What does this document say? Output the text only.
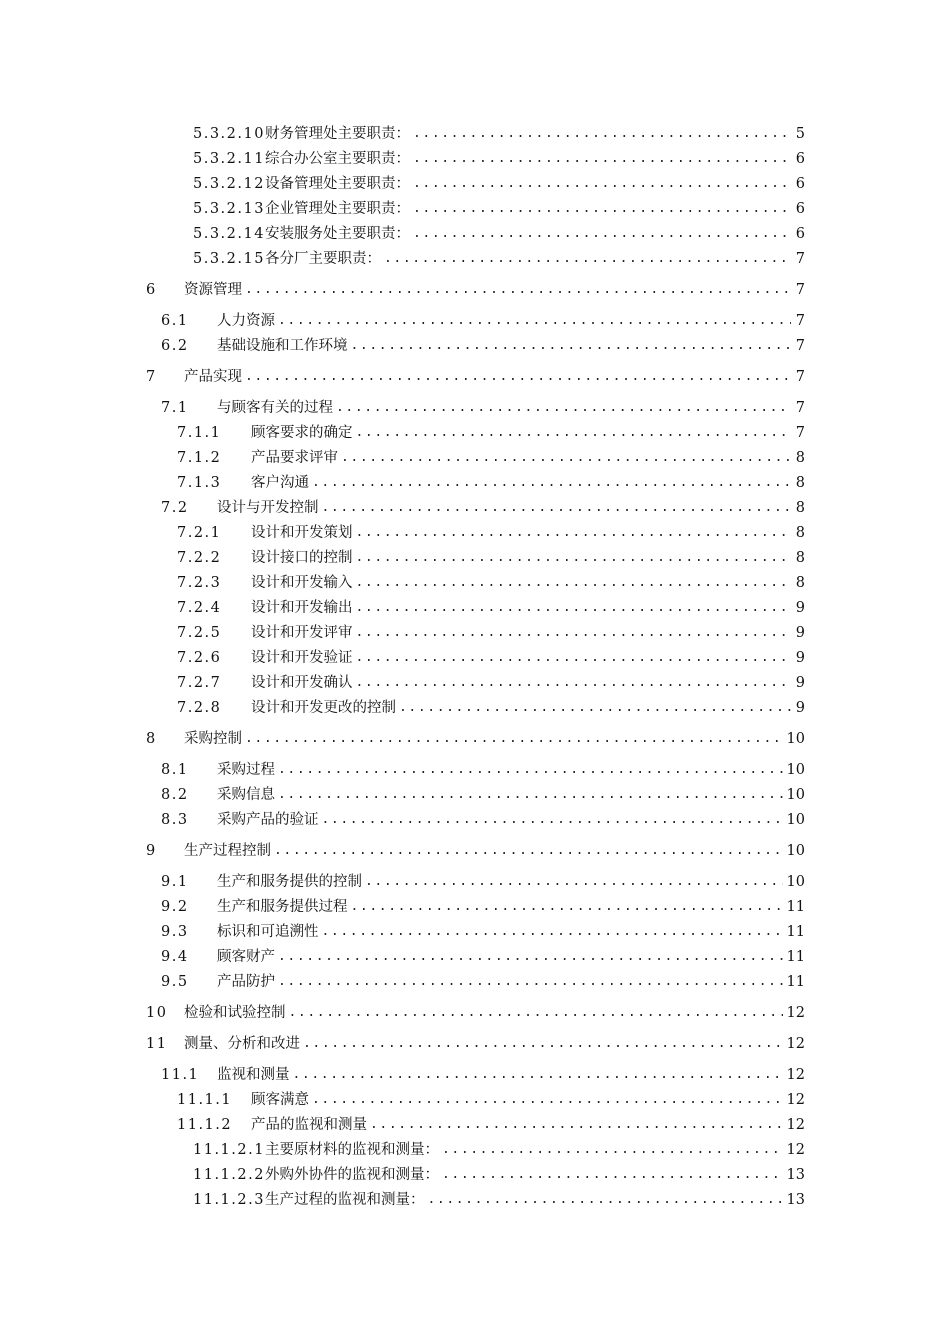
5.3.2.10 财务管理处主要职责： .....	5
5.3.2.11 综合办公室主要职责： .....	6
5.3.2.12 设备管理处主要职责： .....	6
5.3.2.13 企业管理处主要职责： .....	6
5.3.2.14 安装服务处主要职责： .....	6
5.3.2.15 各分厂主要职责： .....	7
6	资源管理 .....	7
6.1	人力资源 .....	7
6.2	基础设施和工作环境 .....	7
7	产品实现 .....	7
7.1	与顾客有关的过程 .....	7
7.1.1	顾客要求的确定 .....	7
7.1.2	产品要求评审 .....	8
7.1.3	客户沟通 .....	8
7.2	设计与开发控制 .....	8
7.2.1	设计和开发策划 .....	8
7.2.2	设计接口的控制 .....	8
7.2.3	设计和开发输入 .....	8
7.2.4	设计和开发输出 .....	9
7.2.5	设计和开发评审 .....	9
7.2.6	设计和开发验证 .....	9
7.2.7	设计和开发确认 .....	9
7.2.8	设计和开发更改的控制 .....	9
8	采购控制 .....	10
8.1	采购过程 .....	10
8.2	采购信息 .....	10
8.3	采购产品的验证 .....	10
9	生产过程控制 .....	10
9.1	生产和服务提供的控制 .....	10
9.2	生产和服务提供过程 .....	11
9.3	标识和可追溯性 .....	11
9.4	顾客财产 .....	11
9.5	产品防护 .....	11
10 检验和试验控制 .....	12
11 测量、分析和改进 .....	12
11.1 监视和测量 .....	12
11.1.1 顾客满意 .....	12
11.1.2 产品的监视和测量 .....	12
11.1.2.1 主要原材料的监视和测量： .....	12
11.1.2.2 外购外协件的监视和测量： .....	13
11.1.2.3 生产过程的监视和测量： .....	13
